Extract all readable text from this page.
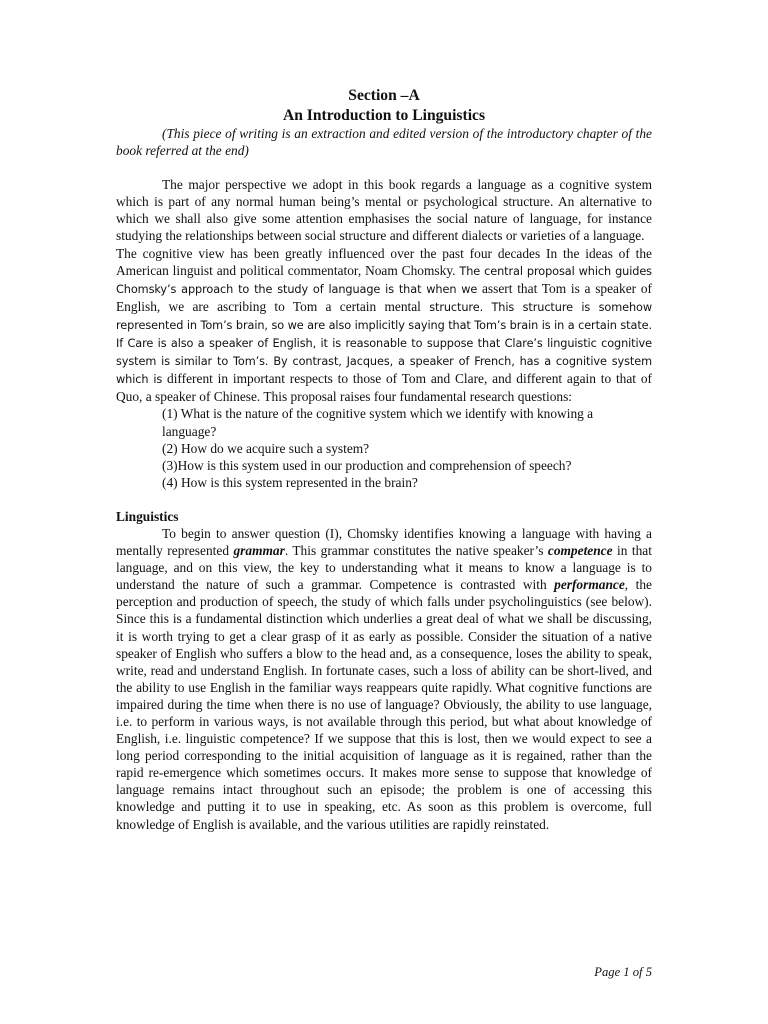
Section –A
An Introduction to Linguistics

(This piece of writing is an extraction and edited version of the introductory chapter of the book referred at the end)

The major perspective we adopt in this book regards a language as a cognitive system which is part of any normal human being’s mental or psychological structure. An alternative to which we shall also give some attention emphasises the social nature of language, for instance studying the relationships between social structure and different dialects or varieties of a language.

The cognitive view has been greatly influenced over the past four decades In the ideas of the American linguist and political commentator, Noam Chomsky. The central proposal which guides Chomsky’s approach to the study of language is that when we assert that Tom is a speaker of English, we are ascribing to Tom a certain mental structure. This structure is somehow represented in Tom’s brain, so we are also implicitly saying that Tom’s brain is in a certain state. If Care is also a speaker of English, it is reasonable to suppose that Clare’s linguistic cognitive system is similar to Tom’s. By contrast, Jacques, a speaker of French, has a cognitive system which is different in important respects to those of Tom and Clare, and different again to that of Quo, a speaker of Chinese. This proposal raises four fundamental research questions:

(1) What is the nature of the cognitive system which we identify with knowing a language?

(2) How do we acquire such a system?

(3)How is this system used in our production and comprehension of speech?

(4) How is this system represented in the brain?

Linguistics

To begin to answer question (I), Chomsky identifies knowing a language with having a mentally represented grammar. This grammar constitutes the native speaker’s competence in that language, and on this view, the key to understanding what it means to know a language is to understand the nature of such a grammar. Competence is contrasted with performance, the perception and production of speech, the study of which falls under psycholinguistics (see below). Since this is a fundamental distinction which underlies a great deal of what we shall be discussing, it is worth trying to get a clear grasp of it as early as possible. Consider the situation of a native speaker of English who suffers a blow to the head and, as a consequence, loses the ability to speak, write, read and understand English. In fortunate cases, such a loss of ability can be short-lived, and the ability to use English in the familiar ways reappears quite rapidly. What cognitive functions are impaired during the time when there is no use of language? Obviously, the ability to use language, i.e. to perform in various ways, is not available through this period, but what about knowledge of English, i.e. linguistic competence? If we suppose that this is lost, then we would expect to see a long period corresponding to the initial acquisition of language as it is regained, rather than the rapid re-emergence which sometimes occurs. It makes more sense to suppose that knowledge of language remains intact throughout such an episode; the problem is one of accessing this knowledge and putting it to use in speaking, etc. As soon as this problem is overcome, full knowledge of English is available, and the various utilities are rapidly reinstated.

Page 1 of 5
